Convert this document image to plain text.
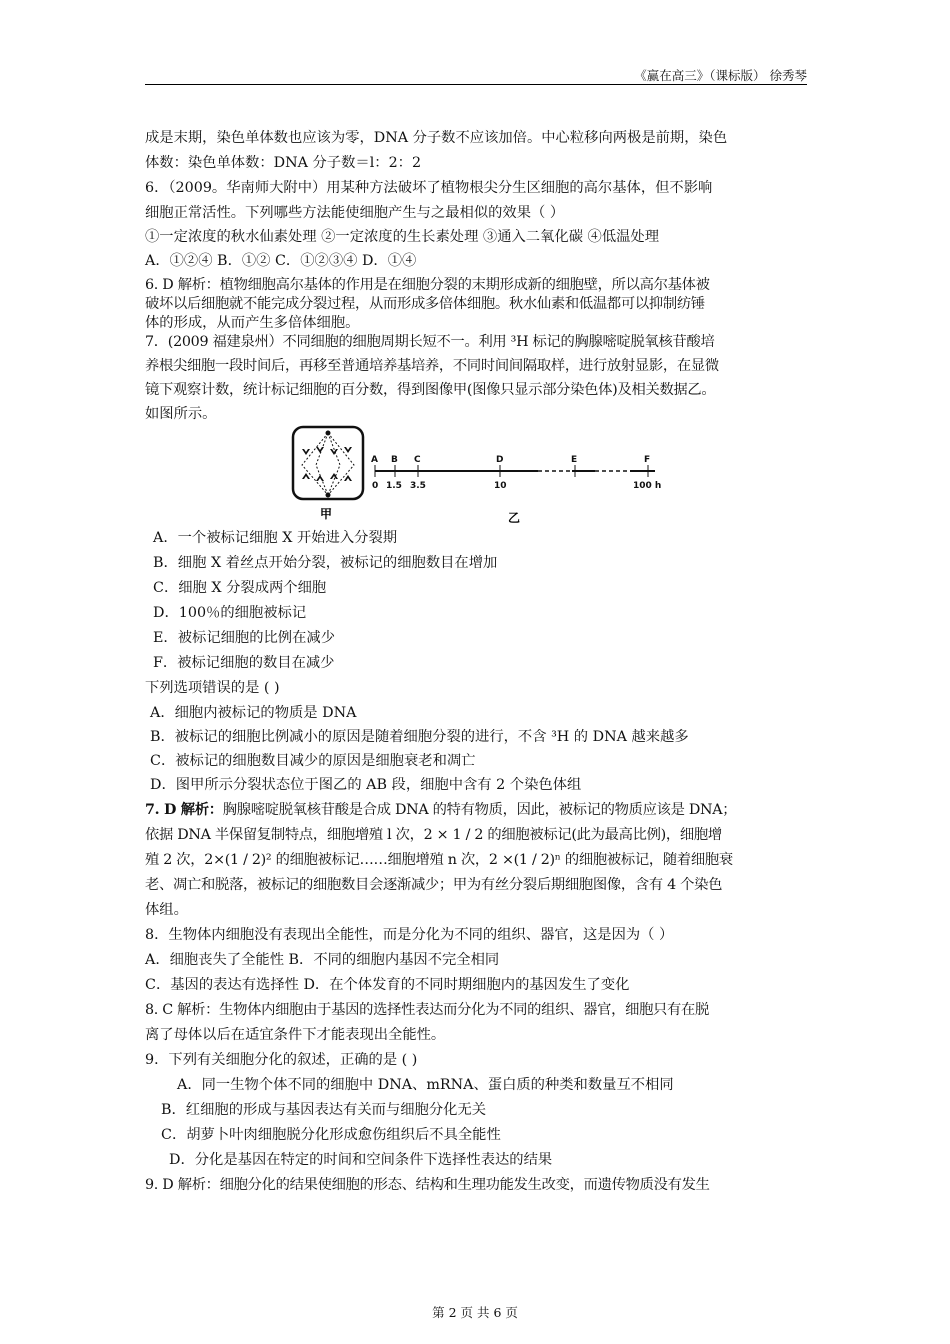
《赢在高三》（课标版） 徐秀琴
成是末期，染色单体数也应该为零，DNA 分子数不应该加倍。中心粒移向两极是前期，染色
体数：染色单体数：DNA 分子数＝l：2：2
6．（2009。华南师大附中）用某种方法破坏了植物根尖分生区细胞的高尔基体，但不影响
细胞正常活性。下列哪些方法能使细胞产生与之最相似的效果（ ）
①一定浓度的秋水仙素处理 ②一定浓度的生长素处理 ③通入二氧化碳 ④低温处理
A．①②④ B．①② C．①②③④ D．①④
6. D 解析：植物细胞高尔基体的作用是在细胞分裂的末期形成新的细胞壁，所以高尔基体被
破坏以后细胞就不能完成分裂过程，从而形成多倍体细胞。秋水仙素和低温都可以抑制纺锤
体的形成，从而产生多倍体细胞。
7．(2009 福建泉州）不同细胞的细胞周期长短不一。利用 ³H 标记的胸腺嘧啶脱氧核苷酸培
养根尖细胞一段时间后，再移至普通培养基培养，不同时间间隔取样，进行放射显影，在显微
镜下观察计数，统计标记细胞的百分数，得到图像甲(图像只显示部分染色体)及相关数据乙。
如图所示。
甲
A B C	D	E	F
0 1.5 3.5	10	100 h
乙
A．一个被标记细胞 X 开始进入分裂期
B．细胞 X 着丝点开始分裂，被标记的细胞数目在增加
C．细胞 X 分裂成两个细胞
D．100％的细胞被标记
E．被标记细胞的比例在减少
F．被标记细胞的数目在减少
下列选项错误的是 ( )
A．细胞内被标记的物质是 DNA
B．被标记的细胞比例减小的原因是随着细胞分裂的进行，不含 ³H 的 DNA 越来越多
C．被标记的细胞数目减少的原因是细胞衰老和凋亡
D．图甲所示分裂状态位于图乙的 AB 段，细胞中含有 2 个染色体组
7. D 解析：胸腺嘧啶脱氧核苷酸是合成 DNA 的特有物质，因此，被标记的物质应该是 DNA；
依据 DNA 半保留复制特点，细胞增殖 l 次，2 × 1 / 2 的细胞被标记(此为最高比例)，细胞增
殖 2 次，2×(1 / 2)² 的细胞被标记……细胞增殖 n 次，2 ×(1 / 2)ⁿ 的细胞被标记，随着细胞衰
老、凋亡和脱落，被标记的细胞数目会逐渐减少；甲为有丝分裂后期细胞图像，含有 4 个染色
体组。
8．生物体内细胞没有表现出全能性，而是分化为不同的组织、器官，这是因为（ ）
A．细胞丧失了全能性 B．不同的细胞内基因不完全相同
C．基因的表达有选择性 D．在个体发育的不同时期细胞内的基因发生了变化
8. C 解析：生物体内细胞由于基因的选择性表达而分化为不同的组织、器官，细胞只有在脱
离了母体以后在适宜条件下才能表现出全能性。
9．下列有关细胞分化的叙述，正确的是 ( )
A．同一生物个体不同的细胞中 DNA、mRNA、蛋白质的种类和数量互不相同
B．红细胞的形成与基因表达有关而与细胞分化无关
C．胡萝卜叶肉细胞脱分化形成愈伤组织后不具全能性
D．分化是基因在特定的时间和空间条件下选择性表达的结果
9. D 解析：细胞分化的结果使细胞的形态、结构和生理功能发生改变，而遗传物质没有发生
第 2 页 共 6 页
